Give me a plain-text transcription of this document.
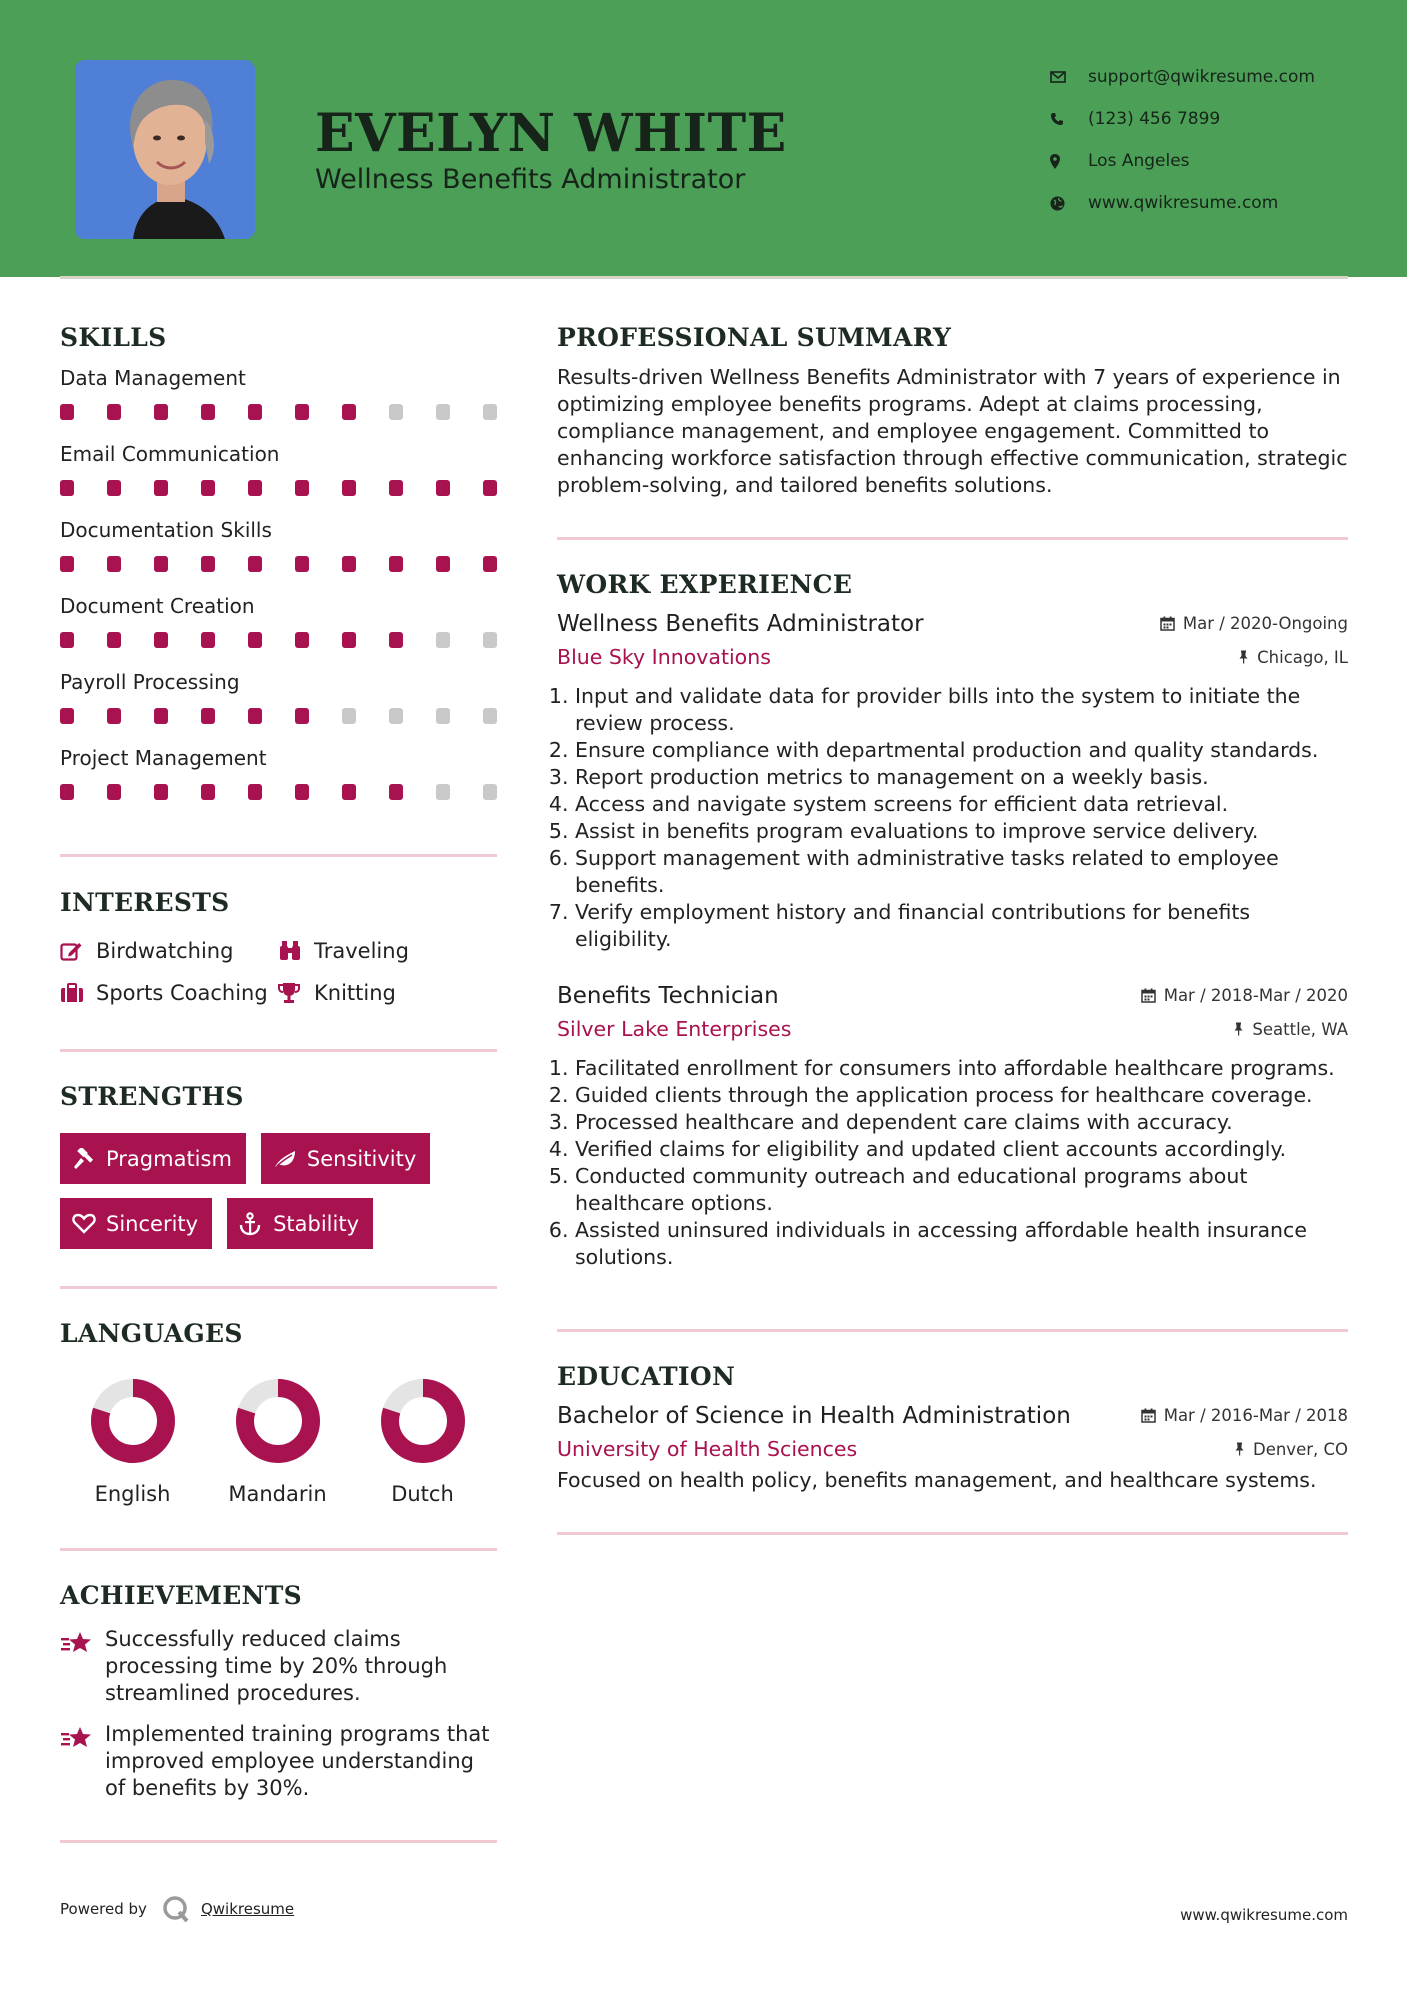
EVELYN WHITE
Wellness Benefits Administrator
support@qwikresume.com
(123) 456 7899
Los Angeles
www.qwikresume.com
SKILLS
Data Management
Email Communication
Documentation Skills
Document Creation
Payroll Processing
Project Management
INTERESTS
Birdwatching	Traveling
Sports Coaching Knitting
STRENGTHS
Pragmatism	Sensitivity
Sincerity	Stability
LANGUAGES
English	Mandarin	Dutch
ACHIEVEMENTS
Successfully reduced claims processing time by 20% through streamlined procedures.
Implemented training programs that improved employee understanding of benefits by 30%.
PROFESSIONAL SUMMARY
Results-driven Wellness Benefits Administrator with 7 years of experience in optimizing employee benefits programs. Adept at claims processing, compliance management, and employee engagement. Committed to enhancing workforce satisfaction through effective communication, strategic problem-solving, and tailored benefits solutions.
WORK EXPERIENCE
Wellness Benefits Administrator	Mar / 2020-Ongoing
Blue Sky Innovations	Chicago, IL
1. Input and validate data for provider bills into the system to initiate the review process.
2. Ensure compliance with departmental production and quality standards.
3. Report production metrics to management on a weekly basis.
4. Access and navigate system screens for efficient data retrieval.
5. Assist in benefits program evaluations to improve service delivery.
6. Support management with administrative tasks related to employee benefits.
7. Verify employment history and financial contributions for benefits eligibility.
Benefits Technician	Mar / 2018-Mar / 2020
Silver Lake Enterprises	Seattle, WA
1. Facilitated enrollment for consumers into affordable healthcare programs.
2. Guided clients through the application process for healthcare coverage.
3. Processed healthcare and dependent care claims with accuracy.
4. Verified claims for eligibility and updated client accounts accordingly.
5. Conducted community outreach and educational programs about healthcare options.
6. Assisted uninsured individuals in accessing affordable health insurance solutions.
EDUCATION
Bachelor of Science in Health Administration	Mar / 2016-Mar / 2018
University of Health Sciences	Denver, CO
Focused on health policy, benefits management, and healthcare systems.
Powered by	Qwikresume	www.qwikresume.com
